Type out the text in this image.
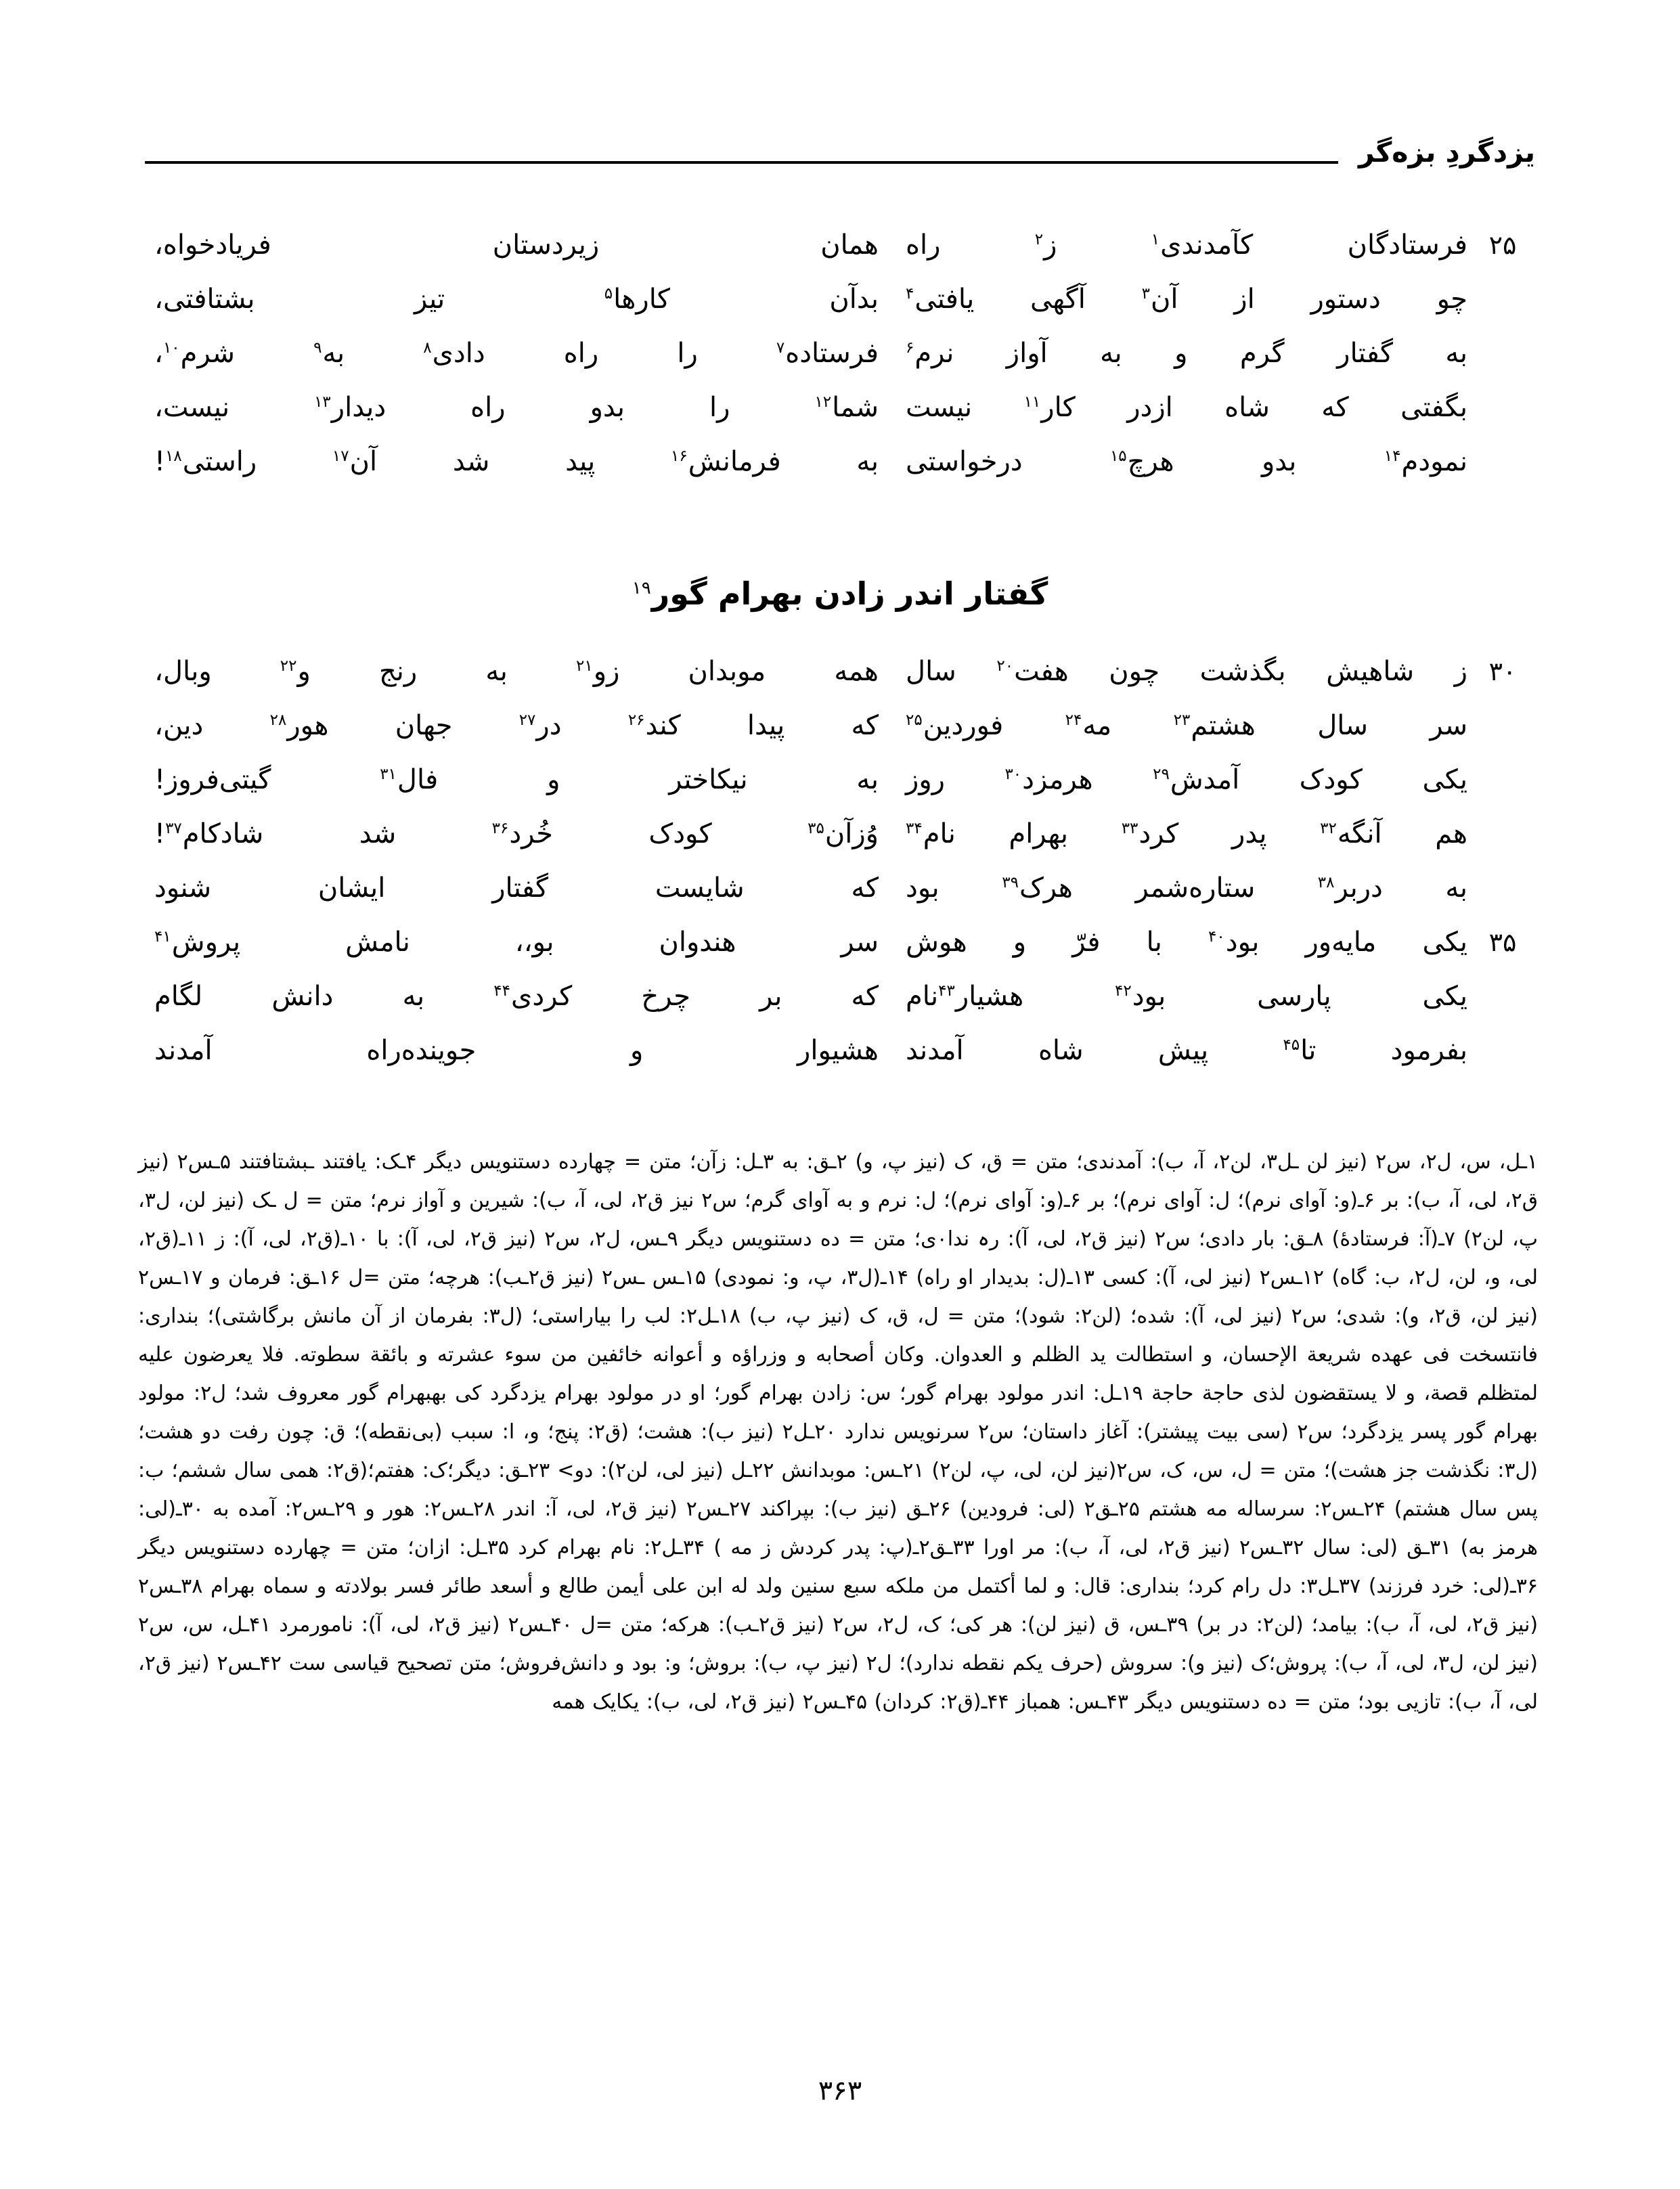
یزدگردِ بزه‌گر
۲۵
فرستادگان
کآمدندی$^۱$
ز$^۲$
راه
همان
زیردستان
فریادخواه،
چو
دستور
از
آن$^۳$
آگهی
یافتی$^۴$
بدآن
کارها$^۵$
تیز
بشتافتی،
به
گفتار
گرم
و
به
آواز
نرم$^۶$
فرستاده$^۷$
را
راه
دادی$^۸$
به$^۹$
شرم$^{۱۰}$،
بگفتی
که
شاه
ازدر
کار$^{۱۱}$
نیست
شما$^{۱۲}$
را
بدو
راه
دیدار$^{۱۳}$
نیست،
نمودم$^{۱۴}$
بدو
هرچ$^{۱۵}$
درخواستی
به
فرمانش$^{۱۶}$
پید
شد
آن$^{۱۷}$
راستی$^{۱۸}$!
گفتار اندر زادن بهرام گور$^{۱۹}$
۳۰
ز
شاهیش
بگذشت
چون
هفت$^{۲۰}$
سال
همه
موبدان
زو$^{۲۱}$
به
رنج
و$^{۲۲}$
وبال،
سر
سال
هشتم$^{۲۳}$
مه$^{۲۴}$
فوردین$^{۲۵}$
که
پیدا
کند$^{۲۶}$
در$^{۲۷}$
جهان
هور$^{۲۸}$
دین،
یکی
کودک
آمدش$^{۲۹}$
هرمزد$^{۳۰}$
روز
به
نیکاختر
و
فال$^{۳۱}$
گیتی‌فروز!
هم
آنگه$^{۳۲}$
پدر
کرد$^{۳۳}$
بهرام
نام$^{۳۴}$
وُزآن$^{۳۵}$
کودک
خُرد$^{۳۶}$
شد
شادکام$^{۳۷}$!
به
دربر$^{۳۸}$
ستاره‌شمر
هرک$^{۳۹}$
بود
که
شایست
گفتار
ایشان
شنود
۳۵
یکی
مایه‌ور
بود$^{۴۰}$
با
فرّ
و
هوش
سر
هندوان
بو،،
نامش
پروش$^{۴۱}$
یکی
پارسی
بود$^{۴۲}$
هشیار$^{۴۳}$نام
که
بر
چرخ
کردی$^{۴۴}$
به
دانش
لگام
بفرمود
تا$^{۴۵}$
پیش
شاه
آمدند
هشیوار
و
جوینده‌راه
آمدند
۱ـل، س، ل٢، س٢ (نیز لن ـل٣، لن٢، آ، ب): آمدندی؛ متن = ق، ک (نیز پ، و) ۲ـق: به ۳ـل: زآن؛ متن = چهارده دستنویس دیگر ۴ـک: یافتند ـبشتافتند ۵ـس٢ (نیز ق٢، لی، آ، ب): بر ۶ـ(و: آوای نرم)؛ ل: آوای نرم)؛ بر ۶ـ(و: آوای نرم)؛ ل: نرم و به آوای گرم؛ س٢ نیز ق٢، لی، آ، ب): شیرین و آواز نرم؛ متن = ل ـک (نیز لن، ل٣، پ، لن٢) ۷ـ(آ: فرستادهٔ) ۸ـق: بار دادی؛ س٢ (نیز ق٢، لی، آ): رہ ندا٠ی؛ متن = ده دستنویس دیگر ۹ـس، ل٢، س٢ (نیز ق٢، لی، آ): با ۱۰ـ(ق٢، لی، آ): ز ۱۱ـ(ق٢، لی، و، لن، ل٢، ب: گاه) ۱۲ـس٢ (نیز لی، آ): کسی ۱۳ـ(ل: بدیدار او راه) ۱۴ـ(ل٣، پ، و: نمودی) ۱۵ـس ـس٢ (نیز ق٢ـب): هرچه؛ متن =ل ۱۶ـق: فرمان و ۱۷ـس٢ (نیز لن، ق٢، و): شدی؛ س٢ (نیز لی، آ): شده؛ (لن٢: شود)؛ متن = ل، ق، ک (نیز پ، ب) ۱۸ـل٢: لب را بیاراستی؛ (ل٣: بفرمان از آن مانش برگاشتی)؛ بنداری: فانتسخت فی عهده شریعة الإحسان، و استطالت ید الظلم و العدوان. وکان أصحابه و وزراؤه و أعوانه خائفین من سوء عشرته و بائقة سطوته. فلا یعرضون علیه لمتظلم قصة، و لا یستقضون لذی حاجة حاجة ۱۹ـل: اندر مولود بهرام گور؛ س: زادن بهرام گور؛ او در مولود بهرام یزدگرد کی بهبهرام گور معروف شد؛ ل٢: مولود بهرام گور پسر یزدگرد؛ س٢ (سی بیت پیشتر): آغاز داستان؛ س٢ سرنویس ندارد ۲۰ـل٢ (نیز ب): هشت؛ (ق٢: پنج؛ و، ا: سبب (بی‌نقطه)؛ ق: چون رفت دو هشت؛ (ل٣: نگذشت جز هشت)؛ متن = ل، س، ک، س٢(نیز لن، لی، پ، لن٢) ۲۱ـس: موبدانش ۲۲ـل (نیز لی، لن٢): دو> ۲۳ـق: دیگر؛ک: هفتم؛(ق٢: همی سال ششم؛ ب: پس سال هشتم) ۲۴ـس٢: سرساله مه هشتم ۲۵ـق٢ (لی: فرودین) ۲۶ـق (نیز ب): بپراکند ۲۷ـس٢ (نیز ق٢، لی، آ: اندر ۲۸ـس٢: هور و ۲۹ـس٢: آمده به ۳۰ـ(لی: هرمز به) ۳۱ـق (لی: سال ۳۲ـس٢ (نیز ق٢، لی، آ، ب): مر اورا ۳۳ـق٢ـ(پ: پدر کردش ز مه ) ۳۴ـل٢: نام بهرام کرد ۳۵ـل: ازان؛ متن = چهارده دستنویس دیگر ۳۶ـ(لی: خرد فرزند) ۳۷ـل٣: دل رام کرد؛ بنداری: قال: و لما أکتمل من ملکه سبع سنین ولد له ابن علی أیمن طالع و أسعد طائر فسر بولادته و سماه بهرام ۳۸ـس٢ (نیز ق٢، لی، آ، ب): بیامد؛ (لن٢: در بر) ۳۹ـس، ق (نیز لن): هر کی؛ ک، ل٢، س٢ (نیز ق٢ـب): هرکه؛ متن =ل ۴۰ـس٢ (نیز ق٢، لی، آ): نامورمرد ۴۱ـل، س، س٢ (نیز لن، ل٣، لی، آ، ب): پروش؛ک (نیز و): سروش (حرف یکم نقطه ندارد)؛ ل٢ (نیز پ، ب): بروش؛ و: بود و دانش‌فروش؛ متن تصحیح قیاسی ست ۴۲ـس٢ (نیز ق٢، لی، آ، ب): تازیی بود؛ متن = ده دستنویس دیگر ۴۳ـس: همباز ۴۴ـ(ق٢: کردان) ۴۵ـس٢ (نیز ق٢، لی، ب): یکایک همه
۳۶۳
